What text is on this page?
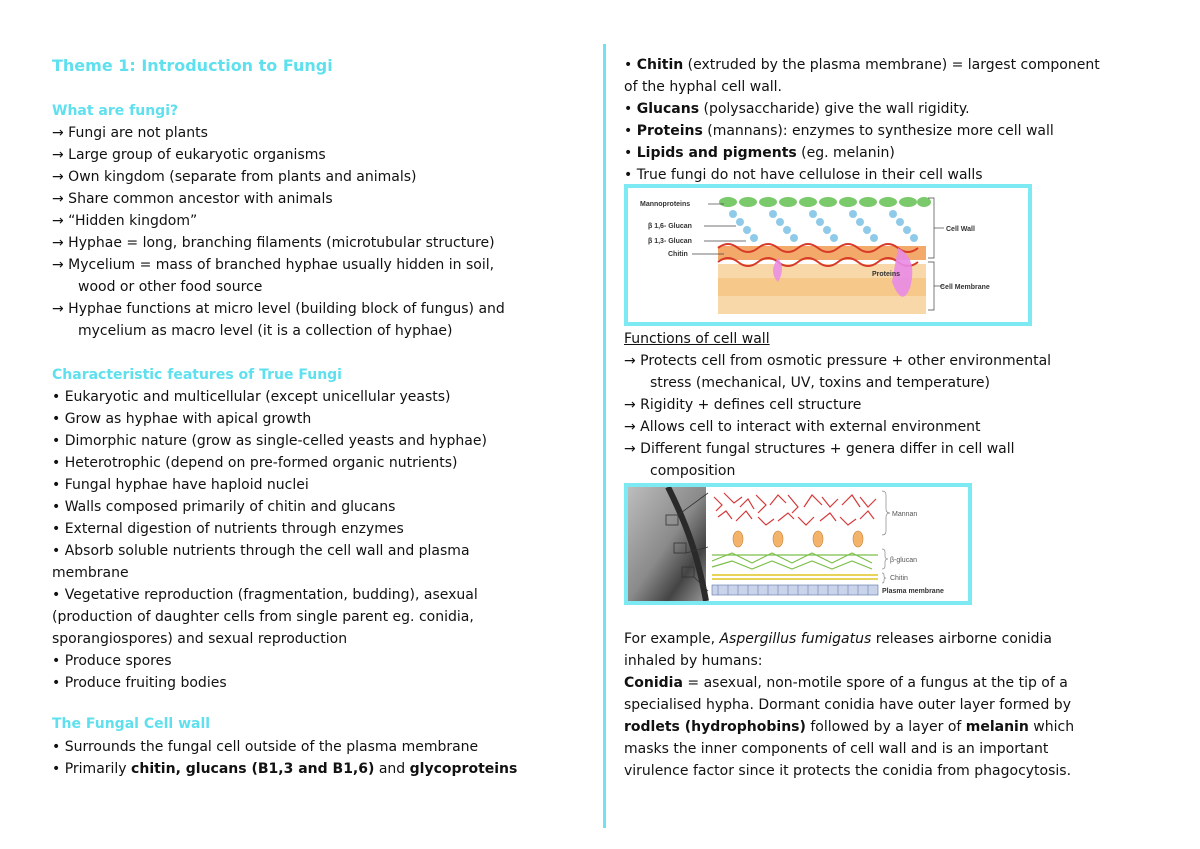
Theme 1: Introduction to Fungi
What are fungi?
→ Fungi are not plants
→ Large group of eukaryotic organisms
→ Own kingdom (separate from plants and animals)
→ Share common ancestor with animals
→ “Hidden kingdom”
→ Hyphae = long, branching filaments (microtubular structure)
→ Mycelium = mass of branched hyphae usually hidden in soil,
wood or other food source
→ Hyphae functions at micro level (building block of fungus) and
mycelium as macro level (it is a collection of hyphae)
Characteristic features of True Fungi
• Eukaryotic and multicellular (except unicellular yeasts)
• Grow as hyphae with apical growth
• Dimorphic nature (grow as single-celled yeasts and hyphae)
• Heterotrophic (depend on pre-formed organic nutrients)
• Fungal hyphae have haploid nuclei
• Walls composed primarily of chitin and glucans
• External digestion of nutrients through enzymes
• Absorb soluble nutrients through the cell wall and plasma
membrane
• Vegetative reproduction (fragmentation, budding), asexual
(production of daughter cells from single parent eg. conidia,
sporangiospores) and sexual reproduction
• Produce spores
• Produce fruiting bodies
The Fungal Cell wall
• Surrounds the fungal cell outside of the plasma membrane
• Primarily chitin, glucans (B1,3 and B1,6) and glycoproteins
• Chitin (extruded by the plasma membrane) = largest component
of the hyphal cell wall.
• Glucans (polysaccharide) give the wall rigidity.
• Proteins (mannans): enzymes to synthesize more cell wall
• Lipids and pigments (eg. melanin)
• True fungi do not have cellulose in their cell walls
Mannoproteins
β 1,6- Glucan
β 1,3- Glucan
Chitin
Cell Wall
Proteins
Cell Membrane
Functions of cell wall
→ Protects cell from osmotic pressure + other environmental
stress (mechanical, UV, toxins and temperature)
→ Rigidity + defines cell structure
→ Allows cell to interact with external environment
→ Different fungal structures + genera differ in cell wall
composition
Mannan
β-glucan
Chitin
Plasma membrane
For example, Aspergillus fumigatus releases airborne conidia
inhaled by humans:
Conidia = asexual, non-motile spore of a fungus at the tip of a
specialised hypha. Dormant conidia have outer layer formed by
rodlets (hydrophobins) followed by a layer of melanin which
masks the inner components of cell wall and is an important
virulence factor since it protects the conidia from phagocytosis.
